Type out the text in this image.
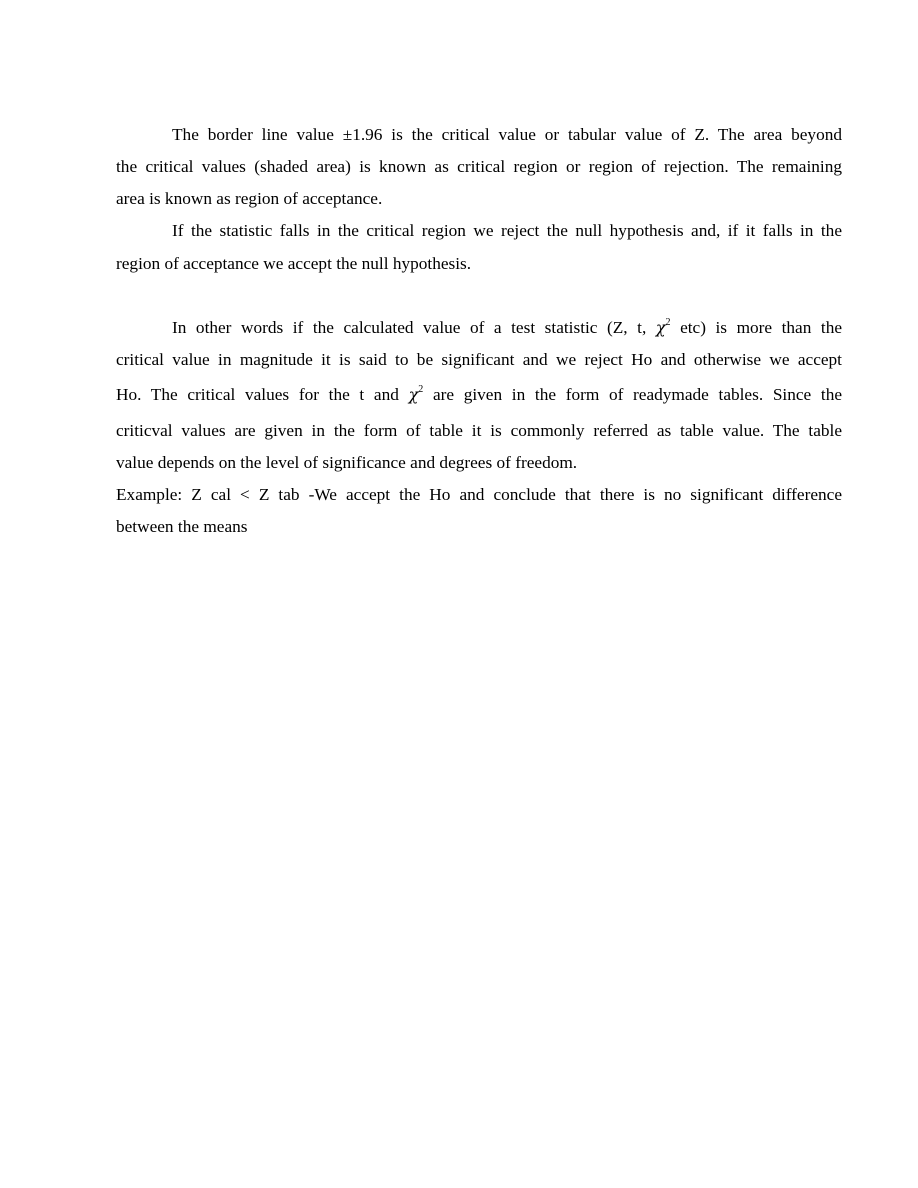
The border line value ±1.96 is the critical value or tabular value of Z. The area beyond
the critical values (shaded area) is known as critical region or region of rejection. The remaining
area is known as region of acceptance.
If the statistic falls in the critical region we reject the null hypothesis and, if it falls in the
region of acceptance we accept the null hypothesis.
In other words if the calculated value of a test statistic (Z, t, $\chi^2$ etc) is more than the
critical value in magnitude it is said to be significant and we reject Ho and otherwise we accept
Ho. The critical values for the t and $\chi^2$ are given in the form of readymade tables. Since the
criticval values are given in the form of table it is commonly referred as table value. The table
value depends on the level of significance and degrees of freedom.
Example: Z cal < Z tab -We accept the Ho and conclude that there is no significant difference
between the means
